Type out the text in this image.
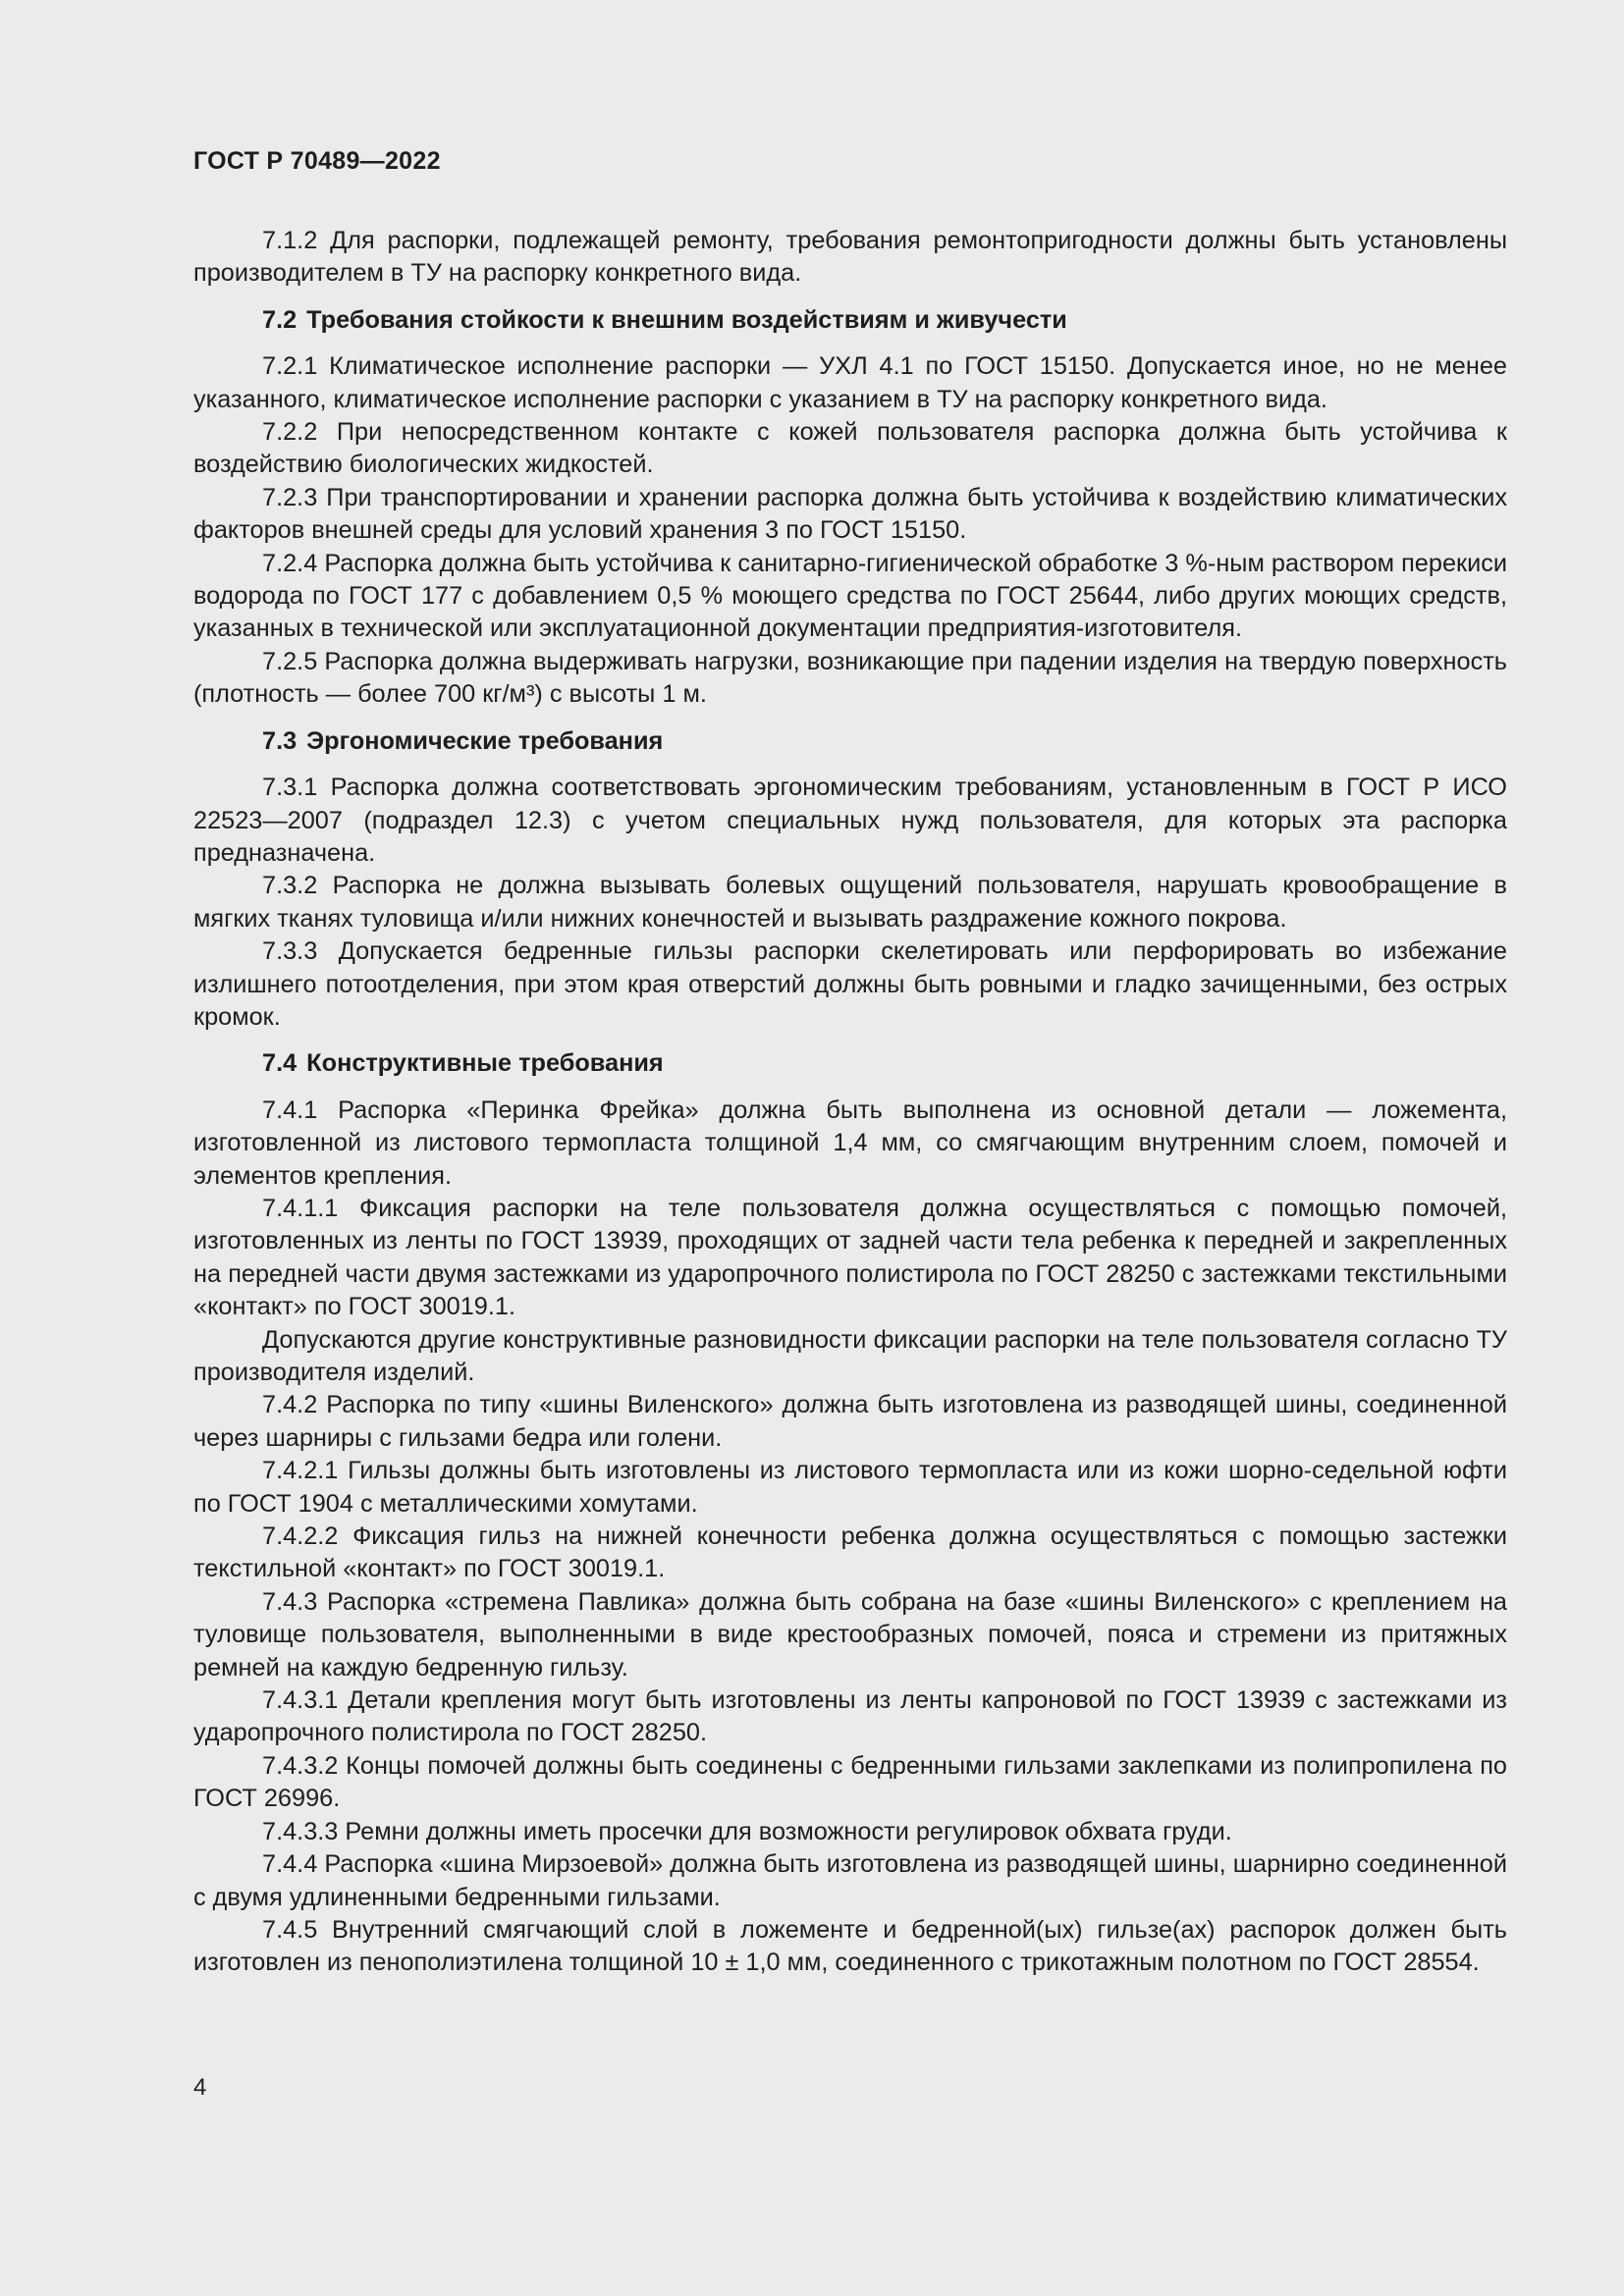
ГОСТ Р 70489—2022

7.1.2 Для распорки, подлежащей ремонту, требования ремонтопригодности должны быть установлены производителем в ТУ на распорку конкретного вида.

7.2 Требования стойкости к внешним воздействиям и живучести

7.2.1 Климатическое исполнение распорки — УХЛ 4.1 по ГОСТ 15150. Допускается иное, но не менее указанного, климатическое исполнение распорки с указанием в ТУ на распорку конкретного вида.

7.2.2 При непосредственном контакте с кожей пользователя распорка должна быть устойчива к воздействию биологических жидкостей.

7.2.3 При транспортировании и хранении распорка должна быть устойчива к воздействию климатических факторов внешней среды для условий хранения 3 по ГОСТ 15150.

7.2.4 Распорка должна быть устойчива к санитарно-гигиенической обработке 3 %-ным раствором перекиси водорода по ГОСТ 177 с добавлением 0,5 % моющего средства по ГОСТ 25644, либо других моющих средств, указанных в технической или эксплуатационной документации предприятия-изготовителя.

7.2.5 Распорка должна выдерживать нагрузки, возникающие при падении изделия на твердую поверхность (плотность — более 700 кг/м³) с высоты 1 м.

7.3 Эргономические требования

7.3.1 Распорка должна соответствовать эргономическим требованиям, установленным в ГОСТ Р ИСО 22523—2007 (подраздел 12.3) с учетом специальных нужд пользователя, для которых эта распорка предназначена.

7.3.2 Распорка не должна вызывать болевых ощущений пользователя, нарушать кровообращение в мягких тканях туловища и/или нижних конечностей и вызывать раздражение кожного покрова.

7.3.3 Допускается бедренные гильзы распорки скелетировать или перфорировать во избежание излишнего потоотделения, при этом края отверстий должны быть ровными и гладко зачищенными, без острых кромок.

7.4 Конструктивные требования

7.4.1 Распорка «Перинка Фрейка» должна быть выполнена из основной детали — ложемента, изготовленной из листового термопласта толщиной 1,4 мм, со смягчающим внутренним слоем, помочей и элементов крепления.

7.4.1.1 Фиксация распорки на теле пользователя должна осуществляться с помощью помочей, изготовленных из ленты по ГОСТ 13939, проходящих от задней части тела ребенка к передней и закрепленных на передней части двумя застежками из ударопрочного полистирола по ГОСТ 28250 с застежками текстильными «контакт» по ГОСТ 30019.1.

Допускаются другие конструктивные разновидности фиксации распорки на теле пользователя согласно ТУ производителя изделий.

7.4.2 Распорка по типу «шины Виленского» должна быть изготовлена из разводящей шины, соединенной через шарниры с гильзами бедра или голени.

7.4.2.1 Гильзы должны быть изготовлены из листового термопласта или из кожи шорно-седельной юфти по ГОСТ 1904 с металлическими хомутами.

7.4.2.2 Фиксация гильз на нижней конечности ребенка должна осуществляться с помощью застежки текстильной «контакт» по ГОСТ 30019.1.

7.4.3 Распорка «стремена Павлика» должна быть собрана на базе «шины Виленского» с креплением на туловище пользователя, выполненными в виде крестообразных помочей, пояса и стремени из притяжных ремней на каждую бедренную гильзу.

7.4.3.1 Детали крепления могут быть изготовлены из ленты капроновой по ГОСТ 13939 с застежками из ударопрочного полистирола по ГОСТ 28250.

7.4.3.2 Концы помочей должны быть соединены с бедренными гильзами заклепками из полипропилена по ГОСТ 26996.

7.4.3.3 Ремни должны иметь просечки для возможности регулировок обхвата груди.

7.4.4 Распорка «шина Мирзоевой» должна быть изготовлена из разводящей шины, шарнирно соединенной с двумя удлиненными бедренными гильзами.

7.4.5 Внутренний смягчающий слой в ложементе и бедренной(ых) гильзе(ах) распорок должен быть изготовлен из пенополиэтилена толщиной 10 ± 1,0 мм, соединенного с трикотажным полотном по ГОСТ 28554.

4
